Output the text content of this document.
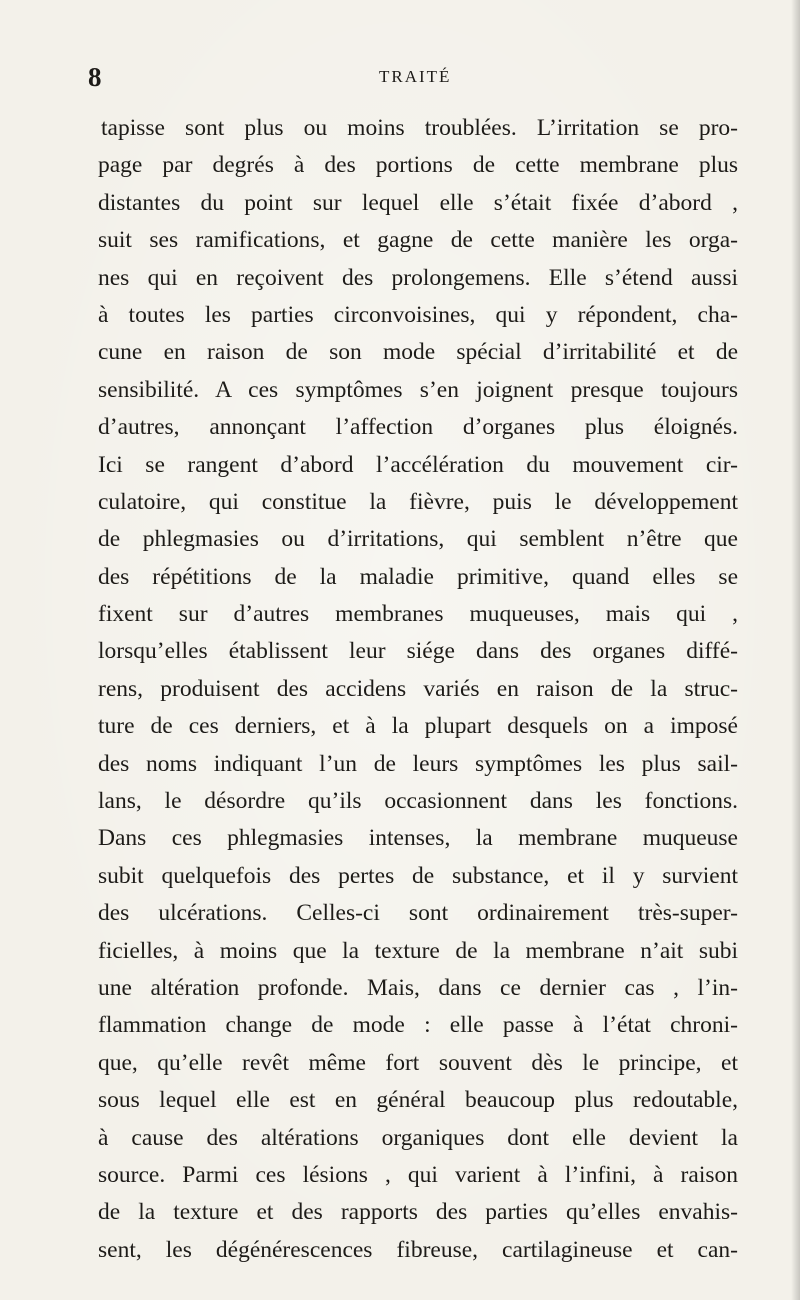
8	TRAITÉ
tapisse sont plus ou moins troublées. L’irritation se pro-
page par degrés à des portions de cette membrane plus
distantes du point sur lequel elle s’était fixée d’abord ,
suit ses ramifications, et gagne de cette manière les orga-
nes qui en reçoivent des prolongemens. Elle s’étend aussi
à toutes les parties circonvoisines, qui y répondent, cha-
cune en raison de son mode spécial d’irritabilité et de
sensibilité. A ces symptômes s’en joignent presque toujours
d’autres, annonçant l’affection d’organes plus éloignés.
Ici se rangent d’abord l’accélération du mouvement cir-
culatoire, qui constitue la fièvre, puis le développement
de phlegmasies ou d’irritations, qui semblent n’être que
des répétitions de la maladie primitive, quand elles se
fixent sur d’autres membranes muqueuses, mais qui ,
lorsqu’elles établissent leur siége dans des organes diffé-
rens, produisent des accidens variés en raison de la struc-
ture de ces derniers, et à la plupart desquels on a imposé
des noms indiquant l’un de leurs symptômes les plus sail-
lans, le désordre qu’ils occasionnent dans les fonctions.
Dans ces phlegmasies intenses, la membrane muqueuse
subit quelquefois des pertes de substance, et il y survient
des ulcérations. Celles-ci sont ordinairement très-super-
ficielles, à moins que la texture de la membrane n’ait subi
une altération profonde. Mais, dans ce dernier cas , l’in-
flammation change de mode : elle passe à l’état chroni-
que, qu’elle revêt même fort souvent dès le principe, et
sous lequel elle est en général beaucoup plus redoutable,
à cause des altérations organiques dont elle devient la
source. Parmi ces lésions , qui varient à l’infini, à raison
de la texture et des rapports des parties qu’elles envahis-
sent, les dégénérescences fibreuse, cartilagineuse et can-
